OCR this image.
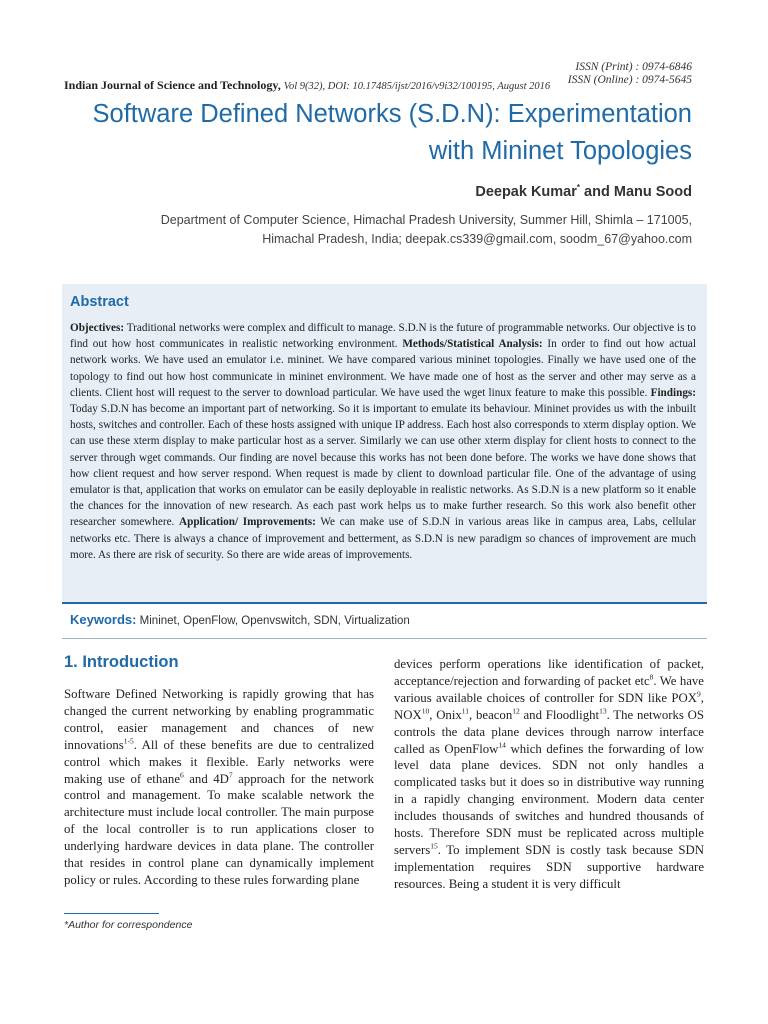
ISSN (Print) : 0974-6846
ISSN (Online) : 0974-5645
Indian Journal of Science and Technology, Vol 9(32), DOI: 10.17485/ijst/2016/v9i32/100195, August 2016
Software Defined Networks (S.D.N): Experimentation
with Mininet Topologies
Deepak Kumar* and Manu Sood
Department of Computer Science, Himachal Pradesh University, Summer Hill, Shimla – 171005,
Himachal Pradesh, India; deepak.cs339@gmail.com, soodm_67@yahoo.com
Abstract
Objectives: Traditional networks were complex and difficult to manage. S.D.N is the future of programmable networks. Our objective is to find out how host communicates in realistic networking environment. Methods/Statistical Analysis: In order to find out how actual network works. We have used an emulator i.e. mininet. We have compared various mininet topologies. Finally we have used one of the topology to find out how host communicate in mininet environment. We have made one of host as the server and other may serve as a clients. Client host will request to the server to download particular. We have used the wget linux feature to make this possible. Findings: Today S.D.N has become an important part of networking. So it is important to emulate its behaviour. Mininet provides us with the inbuilt hosts, switches and controller. Each of these hosts assigned with unique IP address. Each host also corresponds to xterm display option. We can use these xterm display to make particular host as a server. Similarly we can use other xterm display for client hosts to connect to the server through wget commands. Our finding are novel because this works has not been done before. The works we have done shows that how client request and how server respond. When request is made by client to download particular file. One of the advantage of using emulator is that, application that works on emulator can be easily deployable in realistic networks. As S.D.N is a new platform so it enable the chances for the innovation of new research. As each past work helps us to make further research. So this work also benefit other researcher somewhere. Application/ Improvements: We can make use of S.D.N in various areas like in campus area, Labs, cellular networks etc. There is always a chance of improvement and betterment, as S.D.N is new paradigm so chances of improvement are much more. As there are risk of security. So there are wide areas of improvements.
Keywords: Mininet, OpenFlow, Openvswitch, SDN, Virtualization
1. Introduction
Software Defined Networking is rapidly growing that has changed the current networking by enabling programmatic control, easier management and chances of new innovations$^{1-5}$. All of these benefits are due to centralized control which makes it flexible. Early networks were making use of ethane$^6$ and $4D^7$ approach for the network control and management. To make scalable network the architecture must include local controller. The main purpose of the local controller is to run applications closer to underlying hardware devices in data plane. The controller that resides in control plane can dynamically implement policy or rules. According to these rules forwarding plane
devices perform operations like identification of packet, acceptance/rejection and forwarding of packet etc$^8$. We have various available choices of controller for SDN like POX$^9$, NOX$^{10}$, Onix$^{11}$, beacon$^{12}$ and Floodlight$^{13}$. The networks OS controls the data plane devices through narrow interface called as OpenFlow$^{14}$ which defines the forwarding of low level data plane devices. SDN not only handles a complicated tasks but it does so in distributive way running in a rapidly changing environment. Modern data center includes thousands of switches and hundred thousands of hosts. Therefore SDN must be replicated across multiple servers$^{15}$. To implement SDN is costly task because SDN implementation requires SDN supportive hardware resources. Being a student it is very difficult
*Author for correspondence
